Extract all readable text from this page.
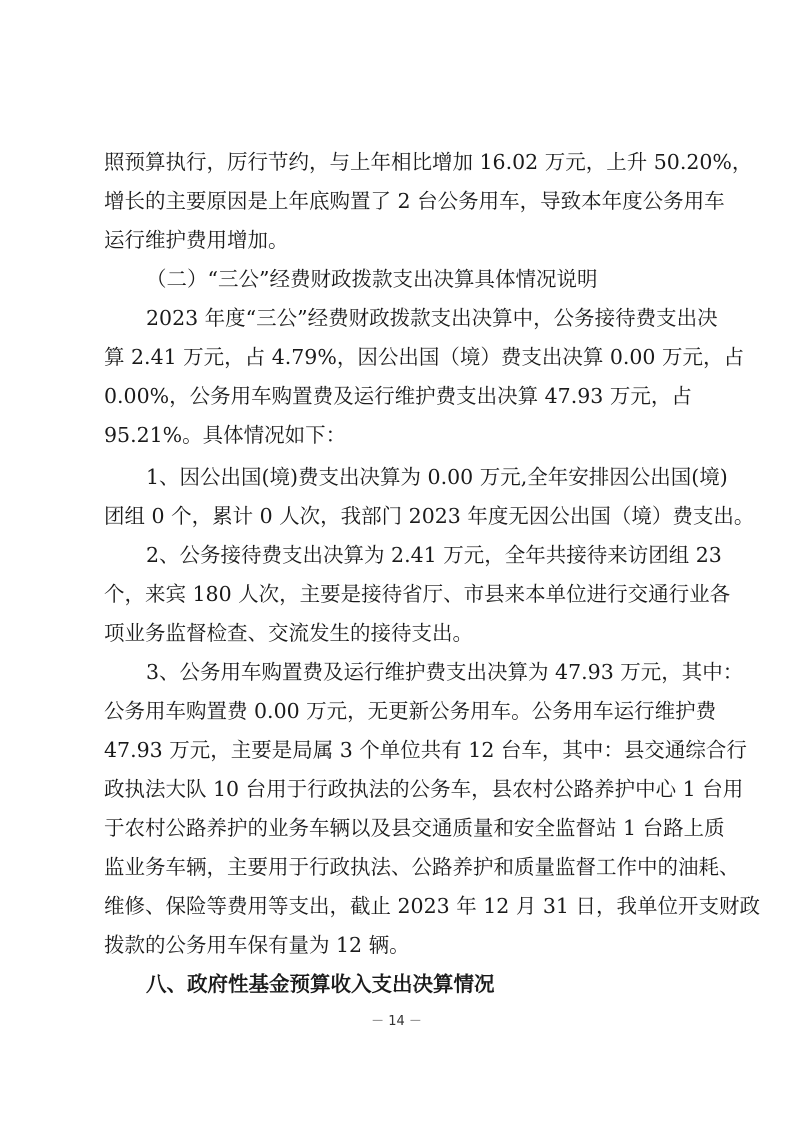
照预算执行，厉行节约，与上年相比增加 16.02 万元，上升 50.20%，
增长的主要原因是上年底购置了 2 台公务用车，导致本年度公务用车
运行维护费用增加。
（二）“三公”经费财政拨款支出决算具体情况说明
2023 年度“三公”经费财政拨款支出决算中，公务接待费支出决
算 2.41 万元，占 4.79%，因公出国（境）费支出决算 0.00 万元，占
0.00%，公务用车购置费及运行维护费支出决算 47.93 万元，占
95.21%。具体情况如下：
1、因公出国(境)费支出决算为 0.00 万元,全年安排因公出国(境)
团组 0 个，累计 0 人次，我部门 2023 年度无因公出国（境）费支出。
2、公务接待费支出决算为 2.41 万元，全年共接待来访团组 23
个，来宾 180 人次，主要是接待省厅、市县来本单位进行交通行业各
项业务监督检查、交流发生的接待支出。
3、公务用车购置费及运行维护费支出决算为 47.93 万元，其中：
公务用车购置费 0.00 万元，无更新公务用车。公务用车运行维护费
47.93 万元，主要是局属 3 个单位共有 12 台车，其中：县交通综合行
政执法大队 10 台用于行政执法的公务车，县农村公路养护中心 1 台用
于农村公路养护的业务车辆以及县交通质量和安全监督站 1 台路上质
监业务车辆，主要用于行政执法、公路养护和质量监督工作中的油耗、
维修、保险等费用等支出，截止 2023 年 12 月 31 日，我单位开支财政
拨款的公务用车保有量为 12 辆。
八、政府性基金预算收入支出决算情况
－ 14 －
